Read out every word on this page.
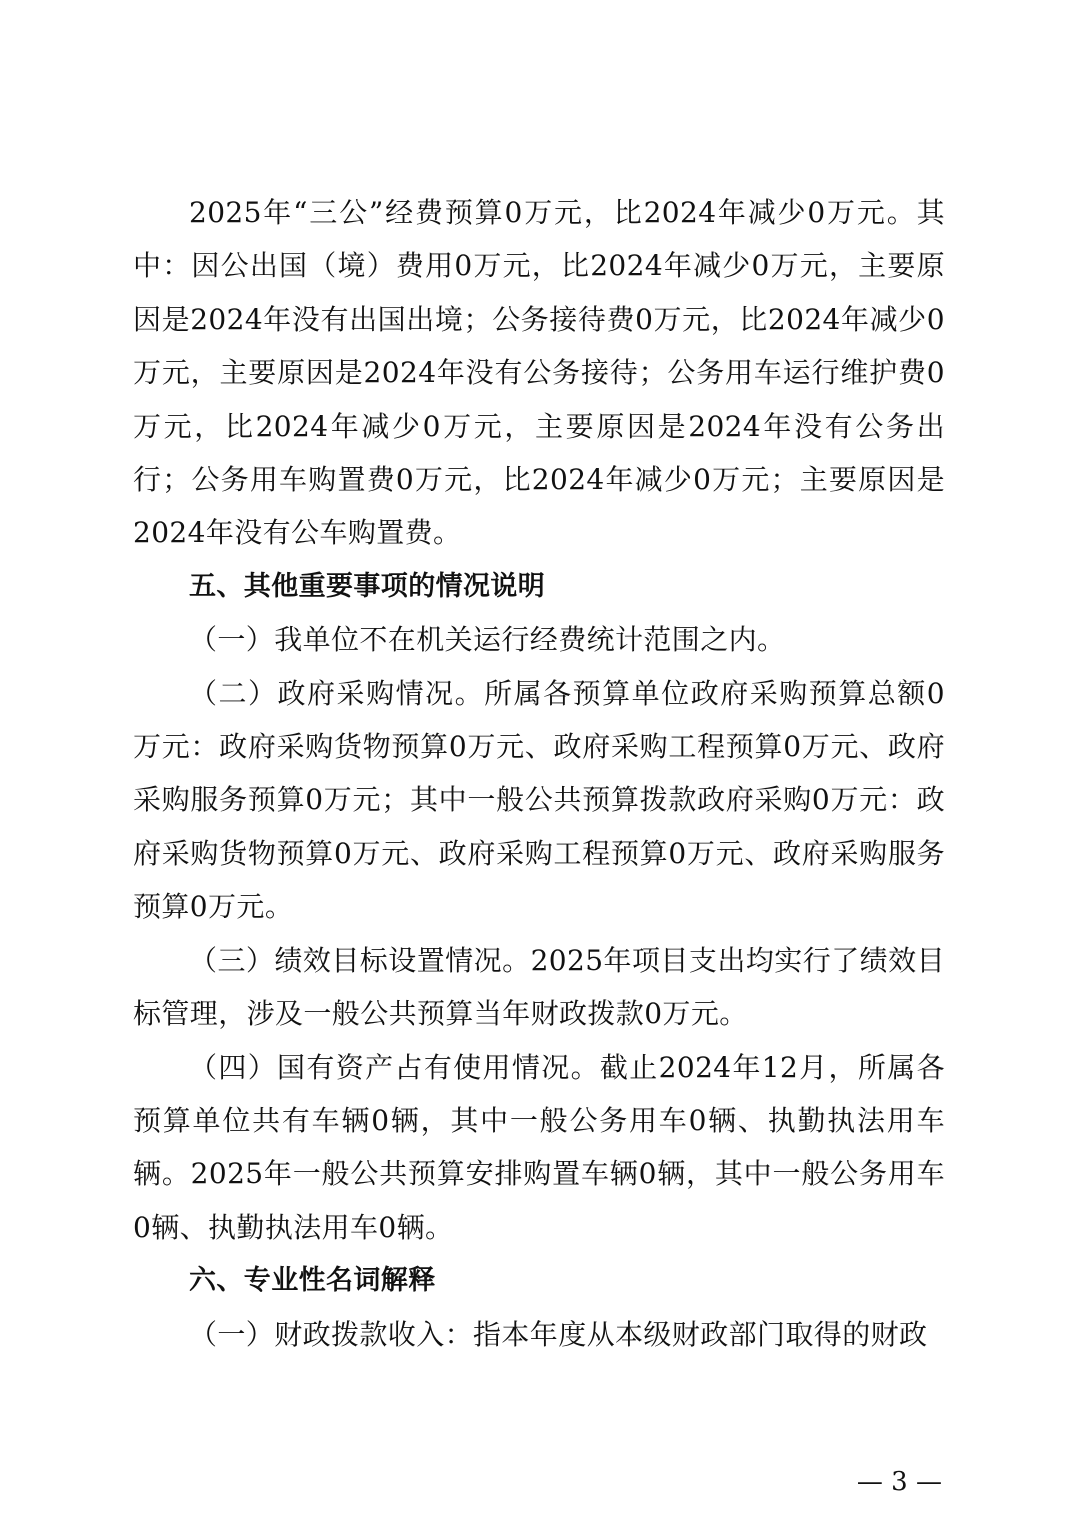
2025年“三公”经费预算0万元，比2024年减少0万元。其中：因公出国（境）费用0万元，比2024年减少0万元，主要原因是2024年没有出国出境；公务接待费0万元，比2024年减少0万元，主要原因是2024年没有公务接待；公务用车运行维护费0万元，比2024年减少0万元，主要原因是2024年没有公务出行；公务用车购置费0万元，比2024年减少0万元；主要原因是2024年没有公车购置费。

五、其他重要事项的情况说明

（一）我单位不在机关运行经费统计范围之内。

（二）政府采购情况。所属各预算单位政府采购预算总额0万元：政府采购货物预算0万元、政府采购工程预算0万元、政府采购服务预算0万元；其中一般公共预算拨款政府采购0万元：政府采购货物预算0万元、政府采购工程预算0万元、政府采购服务预算0万元。

（三）绩效目标设置情况。2025年项目支出均实行了绩效目标管理，涉及一般公共预算当年财政拨款0万元。

（四）国有资产占有使用情况。截止2024年12月，所属各预算单位共有车辆0辆，其中一般公务用车0辆、执勤执法用车辆。2025年一般公共预算安排购置车辆0辆，其中一般公务用车0辆、执勤执法用车0辆。

六、专业性名词解释

（一）财政拨款收入：指本年度从本级财政部门取得的财政

— 3 —
